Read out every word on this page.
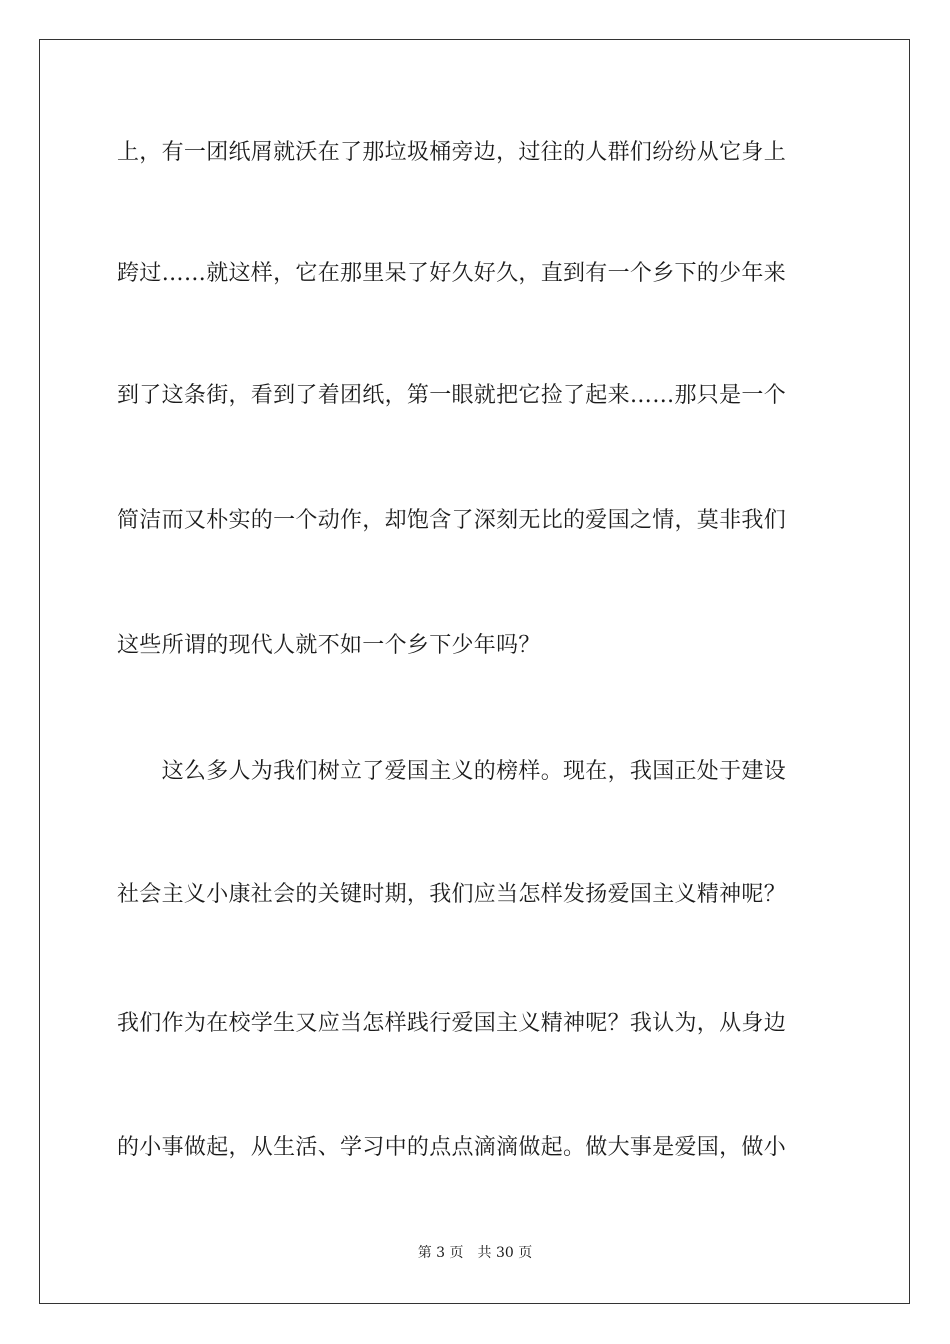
上，有一团纸屑就沃在了那垃圾桶旁边，过往的人群们纷纷从它身上
跨过……就这样，它在那里呆了好久好久，直到有一个乡下的少年来
到了这条街，看到了着团纸，第一眼就把它捡了起来……那只是一个
简洁而又朴实的一个动作，却饱含了深刻无比的爱国之情，莫非我们
这些所谓的现代人就不如一个乡下少年吗？
　　这么多人为我们树立了爱国主义的榜样。现在，我国正处于建设
社会主义小康社会的关键时期，我们应当怎样发扬爱国主义精神呢？
我们作为在校学生又应当怎样践行爱国主义精神呢？我认为，从身边
的小事做起，从生活、学习中的点点滴滴做起。做大事是爱国，做小
第 3 页 共 30 页
